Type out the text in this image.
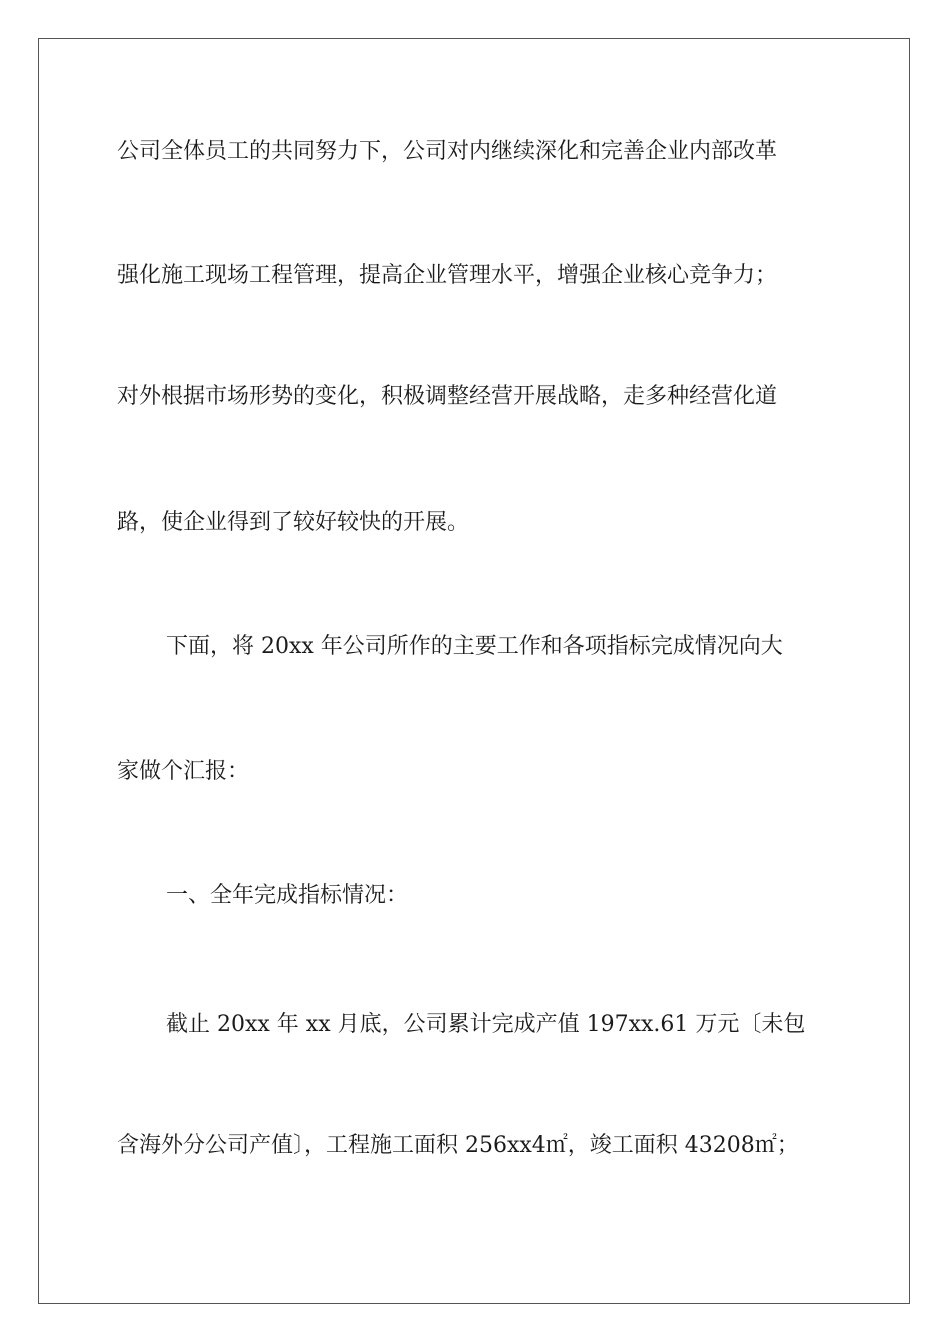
公司全体员工的共同努力下，公司对内继续深化和完善企业内部改革
强化施工现场工程管理，提高企业管理水平，增强企业核心竞争力；
对外根据市场形势的变化，积极调整经营开展战略，走多种经营化道
路，使企业得到了较好较快的开展。
下面，将 20xx 年公司所作的主要工作和各项指标完成情况向大
家做个汇报：
一、全年完成指标情况：
截止 20xx 年 xx 月底，公司累计完成产值 197xx.61 万元〔未包
含海外分公司产值〕，工程施工面积 256xx4㎡，竣工面积 43208㎡；
